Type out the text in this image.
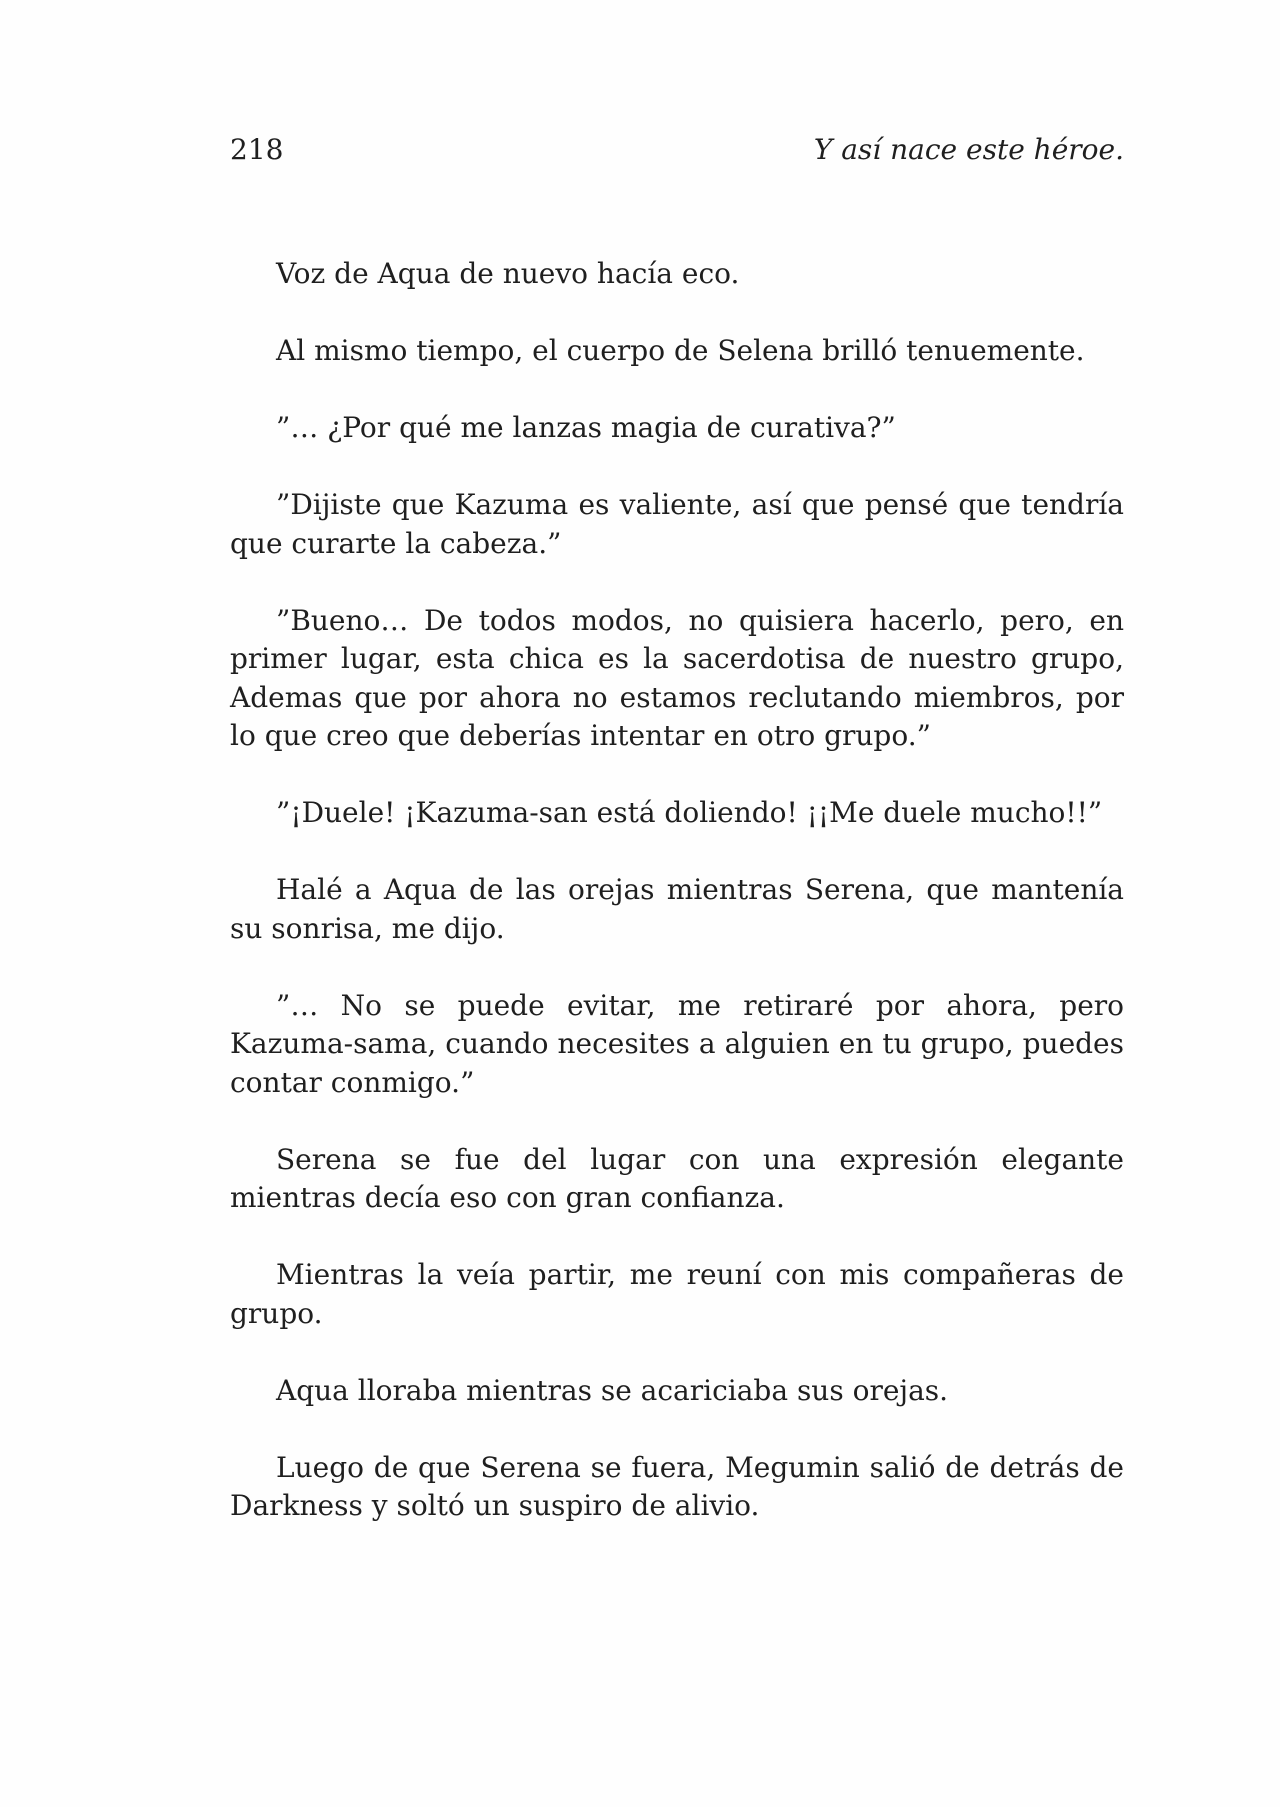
218	Y así nace este héroe.

Voz de Aqua de nuevo hacía eco.

Al mismo tiempo, el cuerpo de Selena brilló tenuemente.

”… ¿Por qué me lanzas magia de curativa?”

”Dijiste que Kazuma es valiente, así que pensé que tendría que curarte la cabeza.”

”Bueno… De todos modos, no quisiera hacerlo, pero, en primer lugar, esta chica es la sacerdotisa de nuestro grupo, Ademas que por ahora no estamos reclutando miembros, por lo que creo que deberías intentar en otro grupo.”

”¡Duele! ¡Kazuma-san está doliendo! ¡¡Me duele mucho!!”

Halé a Aqua de las orejas mientras Serena, que mantenía su sonrisa, me dijo.

”… No se puede evitar, me retiraré por ahora, pero Kazuma-sama, cuando necesites a alguien en tu grupo, puedes contar conmigo.”

Serena se fue del lugar con una expresión elegante mientras decía eso con gran confianza.

Mientras la veía partir, me reuní con mis compañeras de grupo.

Aqua lloraba mientras se acariciaba sus orejas.

Luego de que Serena se fuera, Megumin salió de detrás de Darkness y soltó un suspiro de alivio.
